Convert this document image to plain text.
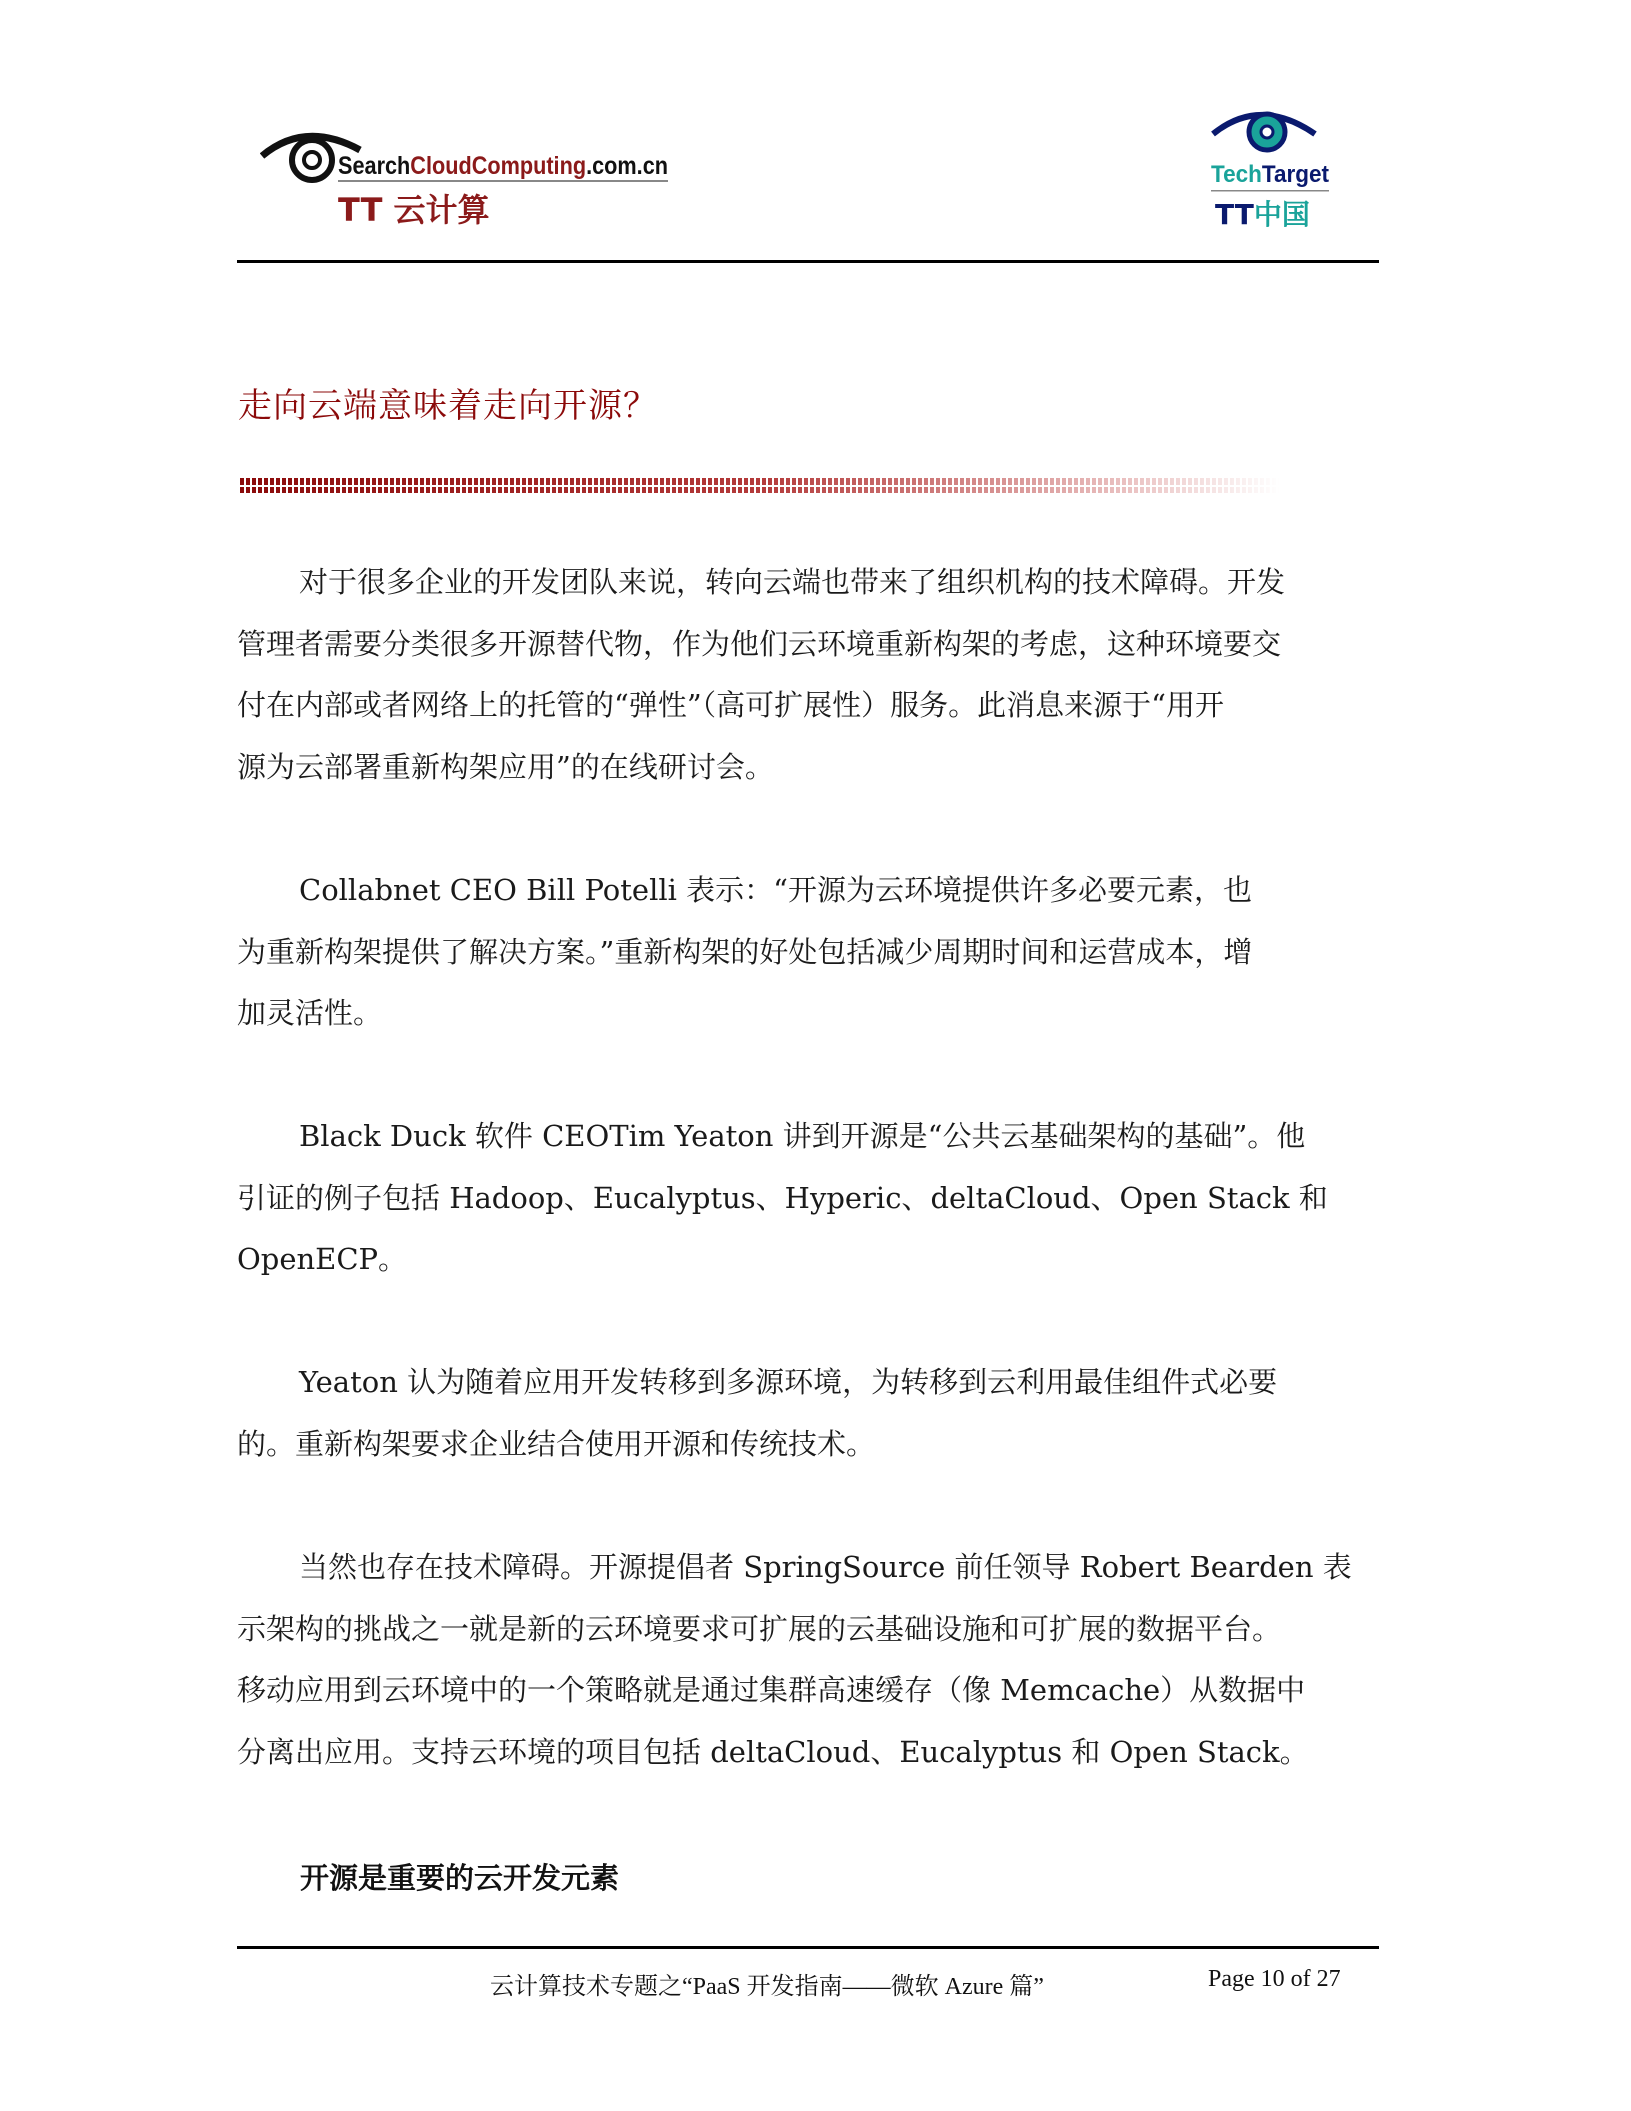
SearchCloudComputing.com.cn
TT 云计算
TechTarget
TT中国
走向云端意味着走向开源？
对于很多企业的开发团队来说，转向云端也带来了组织机构的技术障碍。开发
管理者需要分类很多开源替代物，作为他们云环境重新构架的考虑，这种环境要交
付在内部或者网络上的托管的“弹性”（高可扩展性）服务。此消息来源于“用开
源为云部署重新构架应用”的在线研讨会。
Collabnet CEO Bill Potelli 表示：“开源为云环境提供许多必要元素，也
为重新构架提供了解决方案。”重新构架的好处包括减少周期时间和运营成本，增
加灵活性。
Black Duck 软件 CEOTim Yeaton 讲到开源是“公共云基础架构的基础”。他
引证的例子包括 Hadoop、Eucalyptus、Hyperic、deltaCloud、Open Stack 和
OpenECP。
Yeaton 认为随着应用开发转移到多源环境，为转移到云利用最佳组件式必要
的。重新构架要求企业结合使用开源和传统技术。
当然也存在技术障碍。开源提倡者 SpringSource 前任领导 Robert Bearden 表
示架构的挑战之一就是新的云环境要求可扩展的云基础设施和可扩展的数据平台。
移动应用到云环境中的一个策略就是通过集群高速缓存（像 Memcache）从数据中
分离出应用。支持云环境的项目包括 deltaCloud、Eucalyptus 和 Open Stack。
开源是重要的云开发元素
云计算技术专题之“PaaS 开发指南——微软 Azure 篇”	Page 10 of 27
